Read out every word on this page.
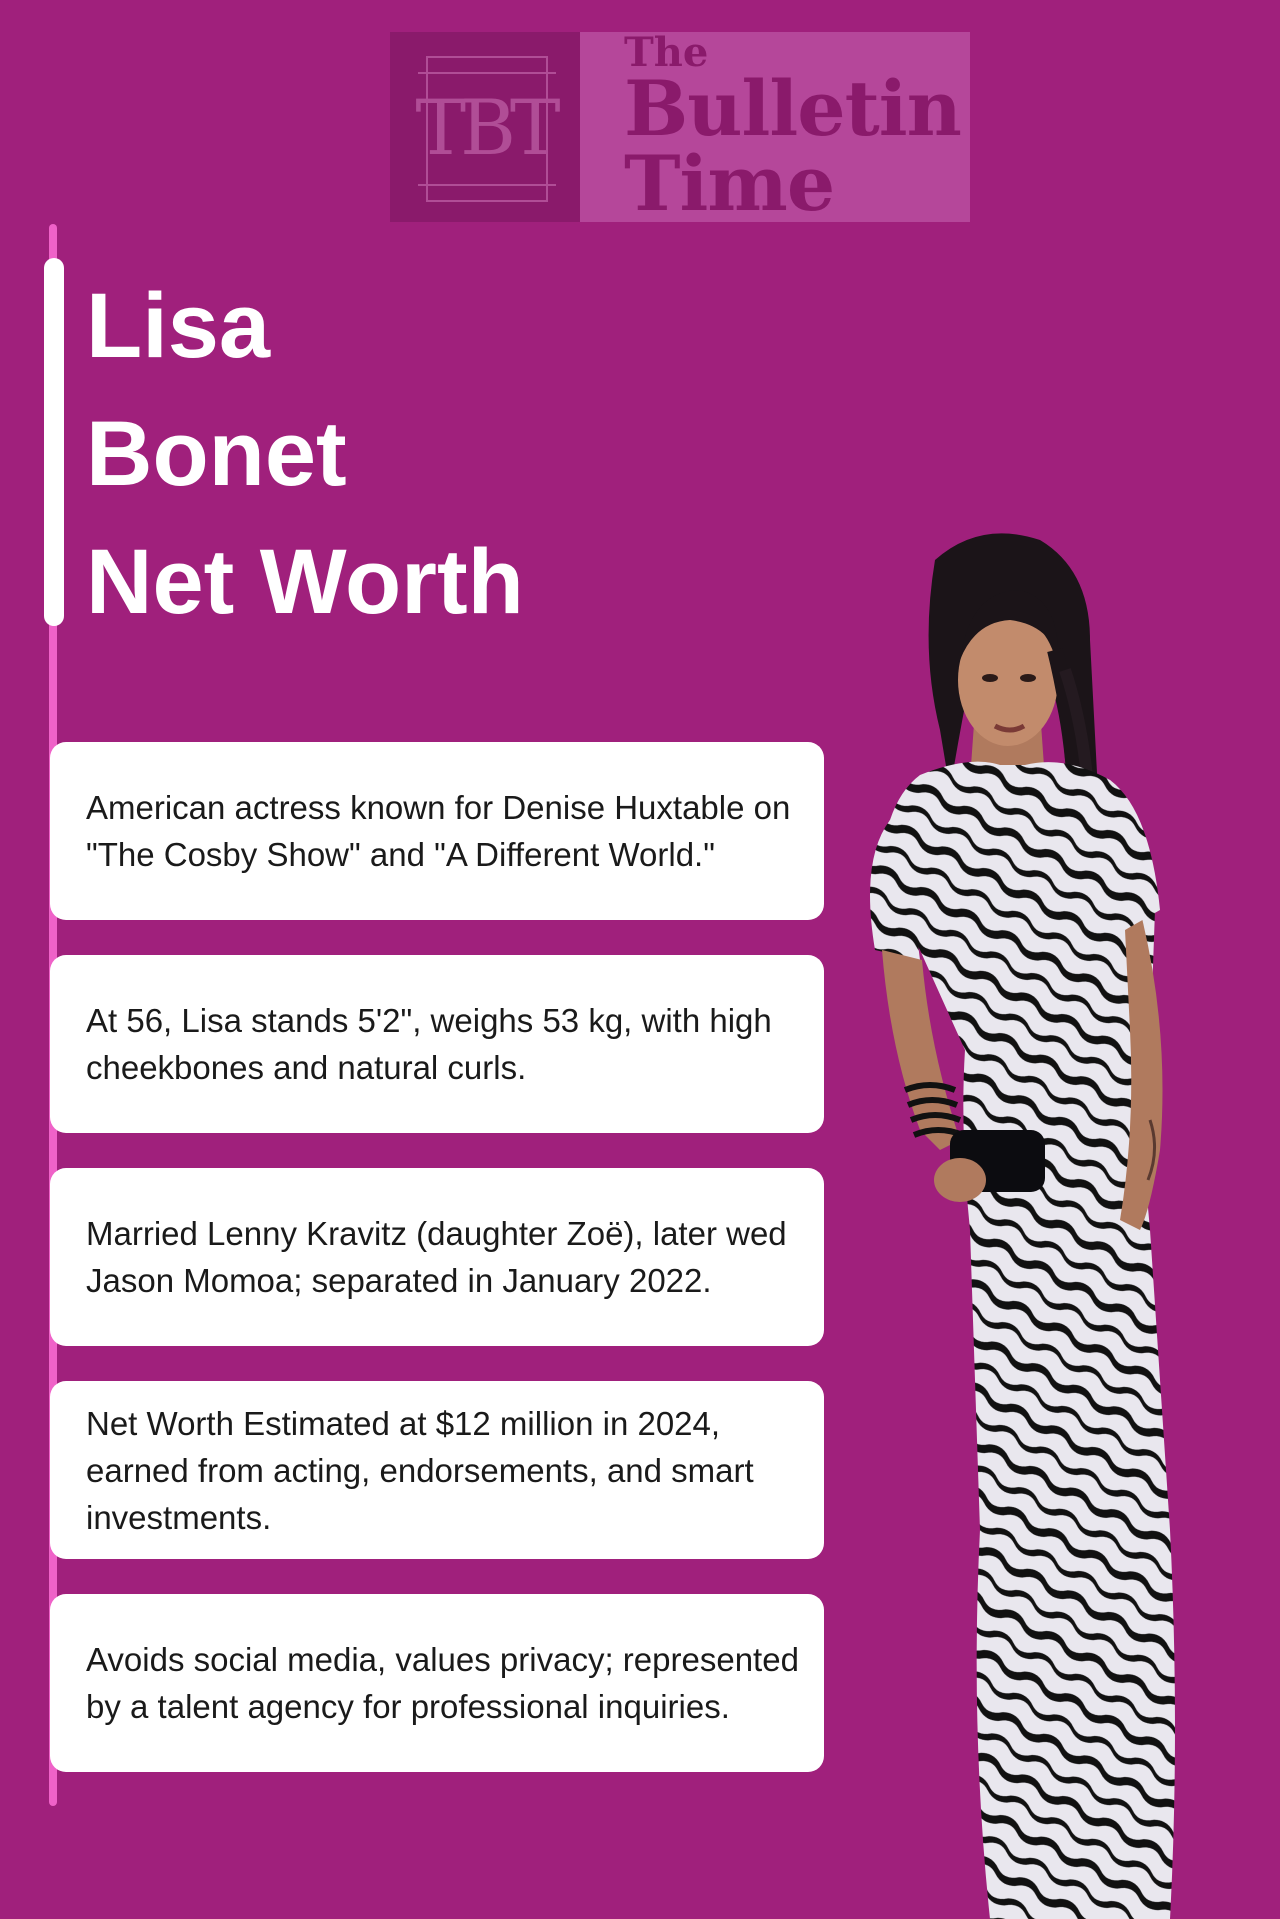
TBT
The
Bulletin
Time
Lisa
Bonet
Net Worth

American actress known for Denise Huxtable on "The Cosby Show" and "A Different World."

At 56, Lisa stands 5'2", weighs 53 kg, with high cheekbones and natural curls.

Married Lenny Kravitz (daughter Zoë), later wed Jason Momoa; separated in January 2022.

Net Worth Estimated at $12 million in 2024, earned from acting, endorsements, and smart investments.

Avoids social media, values privacy; represented by a talent agency for professional inquiries.
